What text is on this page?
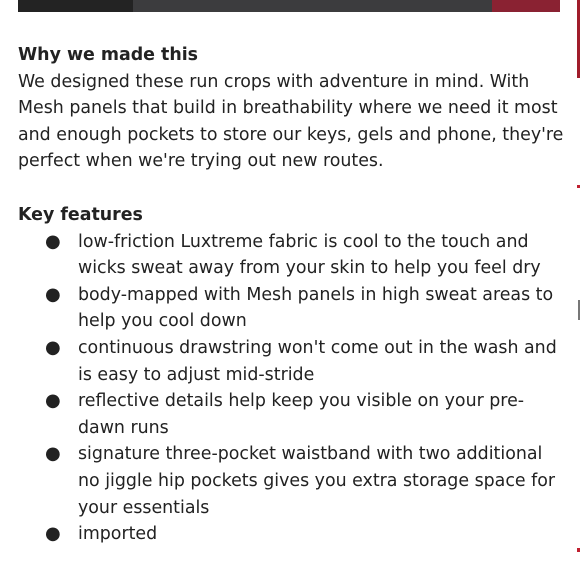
Why we made this

We designed these run crops with adventure in mind. With Mesh panels that build in breathability where we need it most and enough pockets to store our keys, gels and phone, they're perfect when we're trying out new routes.

Key features

● low-friction Luxtreme fabric is cool to the touch and wicks sweat away from your skin to help you feel dry
● body-mapped with Mesh panels in high sweat areas to help you cool down
● continuous drawstring won't come out in the wash and is easy to adjust mid-stride
● reflective details help keep you visible on your pre-dawn runs
● signature three-pocket waistband with two additional no jiggle hip pockets gives you extra storage space for your essentials
● imported
